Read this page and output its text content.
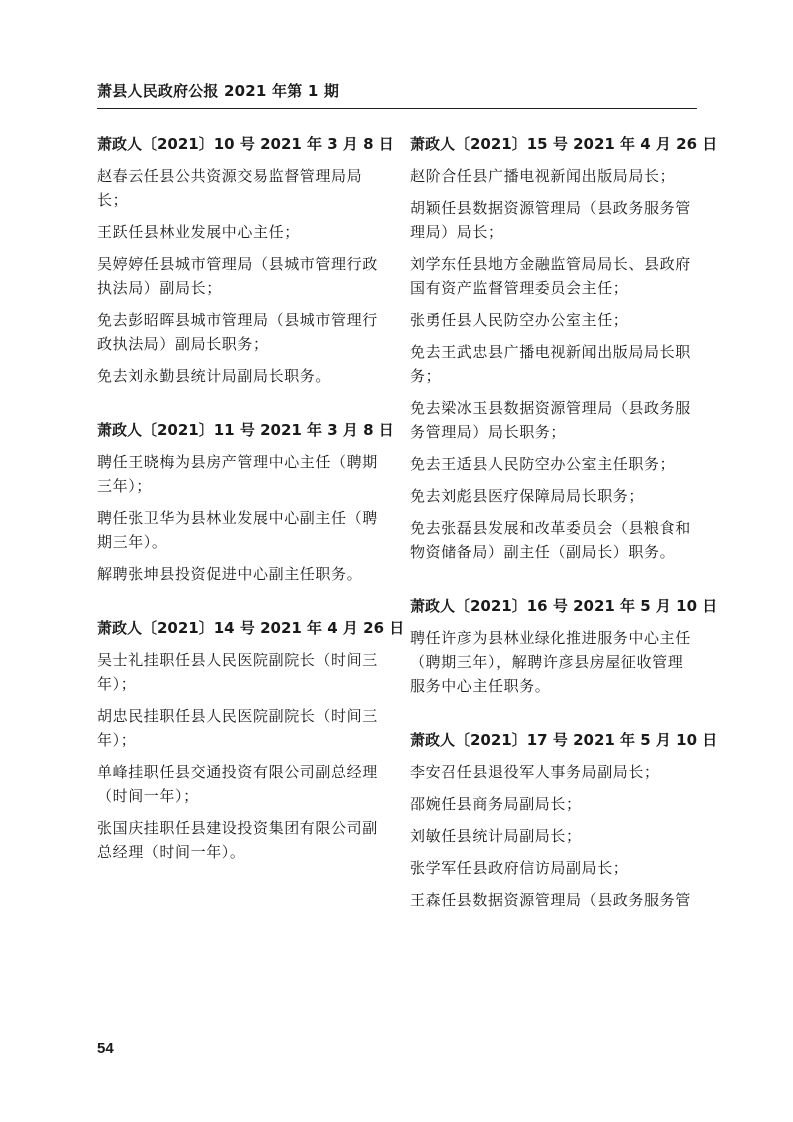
萧县人民政府公报 2021 年第 1 期
萧政人〔2021〕10 号 2021 年 3 月 8 日
赵春云任县公共资源交易监督管理局局长；
王跃任县林业发展中心主任；
吴婷婷任县城市管理局（县城市管理行政执法局）副局长；
免去彭昭晖县城市管理局（县城市管理行政执法局）副局长职务；
免去刘永勤县统计局副局长职务。
萧政人〔2021〕11 号 2021 年 3 月 8 日
聘任王晓梅为县房产管理中心主任（聘期三年）；
聘任张卫华为县林业发展中心副主任（聘期三年）。
解聘张坤县投资促进中心副主任职务。
萧政人〔2021〕14 号 2021 年 4 月 26 日
吴士礼挂职任县人民医院副院长（时间三年）；
胡忠民挂职任县人民医院副院长（时间三年）；
单峰挂职任县交通投资有限公司副总经理（时间一年）；
张国庆挂职任县建设投资集团有限公司副总经理（时间一年）。
萧政人〔2021〕15 号 2021 年 4 月 26 日
赵阶合任县广播电视新闻出版局局长；
胡颖任县数据资源管理局（县政务服务管理局）局长；
刘学东任县地方金融监管局局长、县政府国有资产监督管理委员会主任；
张勇任县人民防空办公室主任；
免去王武忠县广播电视新闻出版局局长职务；
免去梁冰玉县数据资源管理局（县政务服务管理局）局长职务；
免去王适县人民防空办公室主任职务；
免去刘彪县医疗保障局局长职务；
免去张磊县发展和改革委员会（县粮食和物资储备局）副主任（副局长）职务。
萧政人〔2021〕16 号 2021 年 5 月 10 日
聘任许彦为县林业绿化推进服务中心主任（聘期三年），解聘许彦县房屋征收管理服务中心主任职务。
萧政人〔2021〕17 号 2021 年 5 月 10 日
李安召任县退役军人事务局副局长；
邵婉任县商务局副局长；
刘敏任县统计局副局长；
张学军任县政府信访局副局长；
王森任县数据资源管理局（县政务服务管
54
